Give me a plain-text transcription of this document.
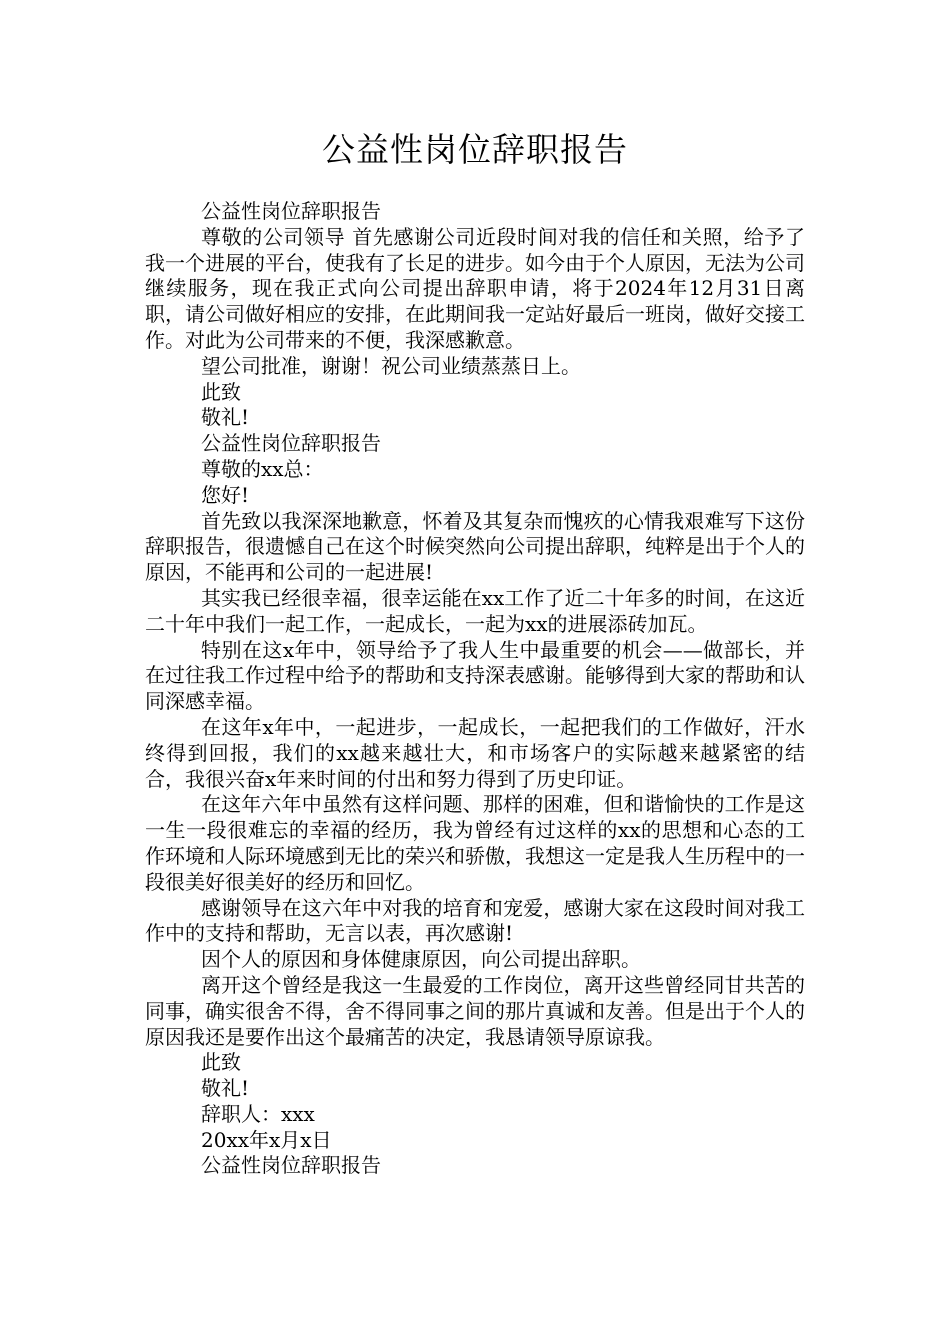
公益性岗位辞职报告

公益性岗位辞职报告

尊敬的公司领导 首先感谢公司近段时间对我的信任和关照，给予了我一个进展的平台，使我有了长足的进步。如今由于个人原因，无法为公司继续服务，现在我正式向公司提出辞职申请，将于2024年12月31日离职，请公司做好相应的安排，在此期间我一定站好最后一班岗，做好交接工作。对此为公司带来的不便，我深感歉意。

望公司批准，谢谢！祝公司业绩蒸蒸日上。

此致

敬礼!

公益性岗位辞职报告

尊敬的xx总：

您好!

首先致以我深深地歉意，怀着及其复杂而愧疚的心情我艰难写下这份辞职报告，很遗憾自己在这个时候突然向公司提出辞职，纯粹是出于个人的原因，不能再和公司的一起进展!

其实我已经很幸福，很幸运能在xx工作了近二十年多的时间，在这近二十年中我们一起工作，一起成长，一起为xx的进展添砖加瓦。

特别在这x年中，领导给予了我人生中最重要的机会——做部长，并在过往我工作过程中给予的帮助和支持深表感谢。能够得到大家的帮助和认同深感幸福。

在这年x年中，一起进步，一起成长，一起把我们的工作做好，汗水终得到回报，我们的xx越来越壮大，和市场客户的实际越来越紧密的结合，我很兴奋x年来时间的付出和努力得到了历史印证。

在这年六年中虽然有这样问题、那样的困难，但和谐愉快的工作是这一生一段很难忘的幸福的经历，我为曾经有过这样的xx的思想和心态的工作环境和人际环境感到无比的荣兴和骄傲，我想这一定是我人生历程中的一段很美好很美好的经历和回忆。

感谢领导在这六年中对我的培育和宠爱，感谢大家在这段时间对我工作中的支持和帮助，无言以表，再次感谢!

因个人的原因和身体健康原因，向公司提出辞职。

离开这个曾经是我这一生最爱的工作岗位，离开这些曾经同甘共苦的同事，确实很舍不得，舍不得同事之间的那片真诚和友善。但是出于个人的原因我还是要作出这个最痛苦的决定，我恳请领导原谅我。

此致

敬礼!

辞职人：xxx

20xx年x月x日

公益性岗位辞职报告
